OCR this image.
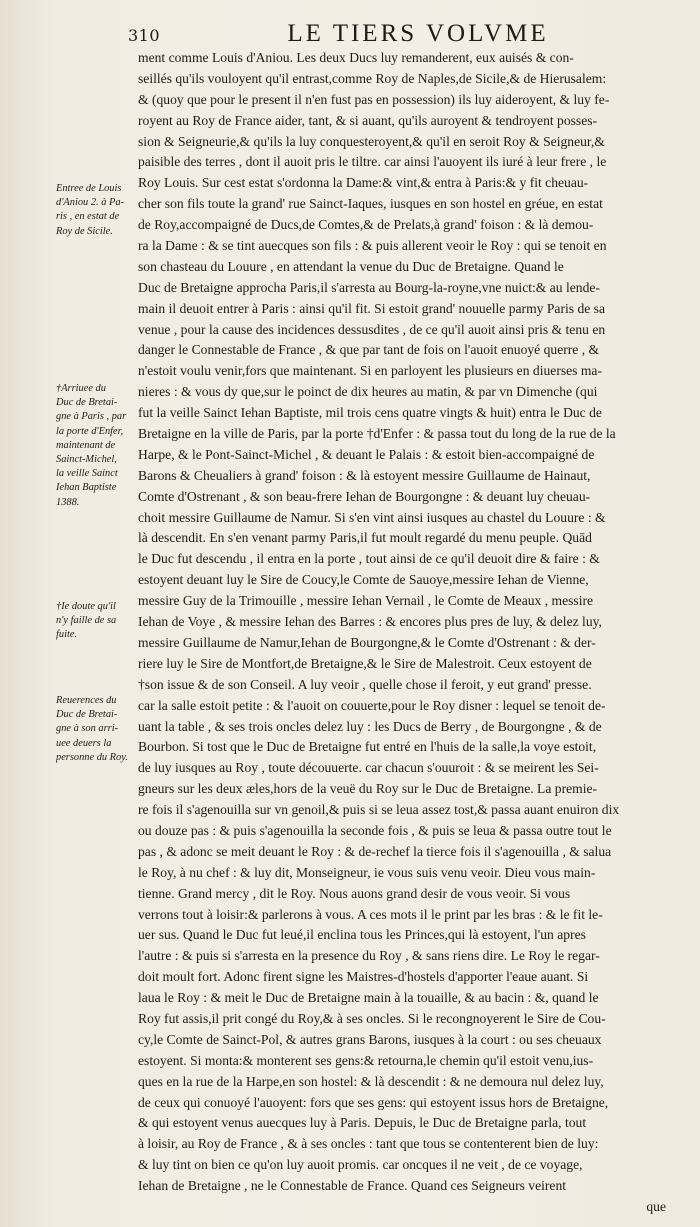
310	LE TIERS VOLVME
ment comme Louis d'Aniou. Les deux Ducs luy remanderent, eux auisés & con-
seillés qu'ils vouloyent qu'il entrast,comme Roy de Naples,de Sicile,& de Hierusalem:
& (quoy que pour le present il n'en fust pas en possession) ils luy aideroyent, & luy fe-
royent au Roy de France aider, tant, & si auant, qu'ils auroyent & tendroyent posses-
sion & Seigneurie,& qu'ils la luy conquesteroyent,& qu'il en seroit Roy & Seigneur,&
paisible des terres , dont il auoit pris le tiltre. car ainsi l'auoyent ils iuré à leur frere , le
Roy Louis. Sur cest estat s'ordonna la Dame:& vint,& entra à Paris:& y fit cheuau-
cher son fils toute la grand' rue Sainct-Iaques, iusques en son hostel en gréue, en estat
de Roy,accompaigné de Ducs,de Comtes,& de Prelats,à grand' foison : & là demou-
ra la Dame : & se tint auecques son fils : & puis allerent veoir le Roy : qui se tenoit en
son chasteau du Louure , en attendant la venue du Duc de Bretaigne. Quand le
Duc de Bretaigne approcha Paris,il s'arresta au Bourg-la-royne,vne nuict:& au lende-
main il deuoit entrer à Paris : ainsi qu'il fit. Si estoit grand' nouuelle parmy Paris de sa
venue , pour la cause des incidences dessusdites , de ce qu'il auoit ainsi pris & tenu en
danger le Connestable de France , & que par tant de fois on l'auoit enuoyé querre , &
n'estoit voulu venir,fors que maintenant. Si en parloyent les plusieurs en diuerses ma-
nieres : & vous dy que,sur le poinct de dix heures au matin, & par vn Dimenche (qui
fut la veille Sainct Iehan Baptiste, mil trois cens quatre vingts & huit) entra le Duc de
Bretaigne en la ville de Paris, par la porte †d'Enfer : & passa tout du long de la rue de la
Harpe, & le Pont-Sainct-Michel , & deuant le Palais : & estoit bien-accompaigné de
Barons & Cheualiers à grand' foison : & là estoyent messire Guillaume de Hainaut,
Comte d'Ostrenant , & son beau-frere Iehan de Bourgongne : & deuant luy cheuau-
choit messire Guillaume de Namur. Si s'en vint ainsi iusques au chastel du Louure : &
là descendit. En s'en venant parmy Paris,il fut moult regardé du menu peuple. Quād
le Duc fut descendu , il entra en la porte , tout ainsi de ce qu'il deuoit dire & faire : &
estoyent deuant luy le Sire de Coucy,le Comte de Sauoye,messire Iehan de Vienne,
messire Guy de la Trimouille , messire Iehan Vernail , le Comte de Meaux , messire
Iehan de Voye , & messire Iehan des Barres : & encores plus pres de luy, & delez luy,
messire Guillaume de Namur,Iehan de Bourgongne,& le Comte d'Ostrenant : & der-
riere luy le Sire de Montfort,de Bretaigne,& le Sire de Malestroit. Ceux estoyent de
†son issue & de son Conseil. A luy veoir , quelle chose il feroit, y eut grand' presse.
car la salle estoit petite : & l'auoit on couuerte,pour le Roy disner : lequel se tenoit de-
uant la table , & ses trois oncles delez luy : les Ducs de Berry , de Bourgongne , & de
Bourbon. Si tost que le Duc de Bretaigne fut entré en l'huis de la salle,la voye estoit,
de luy iusques au Roy , toute découuerte. car chacun s'ouuroit : & se meirent les Sei-
gneurs sur les deux æles,hors de la veuë du Roy sur le Duc de Bretaigne. La premie-
re fois il s'agenouilla sur vn genoil,& puis si se leua assez tost,& passa auant enuiron dix
ou douze pas : & puis s'agenouilla la seconde fois , & puis se leua & passa outre tout le
pas , & adonc se meit deuant le Roy : & de-rechef la tierce fois il s'agenouilla , & salua
le Roy, à nu chef : & luy dit, Monseigneur, ie vous suis venu veoir. Dieu vous main-
tienne. Grand mercy , dit le Roy. Nous auons grand desir de vous veoir. Si vous
verrons tout à loisir:& parlerons à vous. A ces mots il le print par les bras : & le fit le-
uer sus. Quand le Duc fut leué,il enclina tous les Princes,qui là estoyent, l'un apres
l'autre : & puis si s'arresta en la presence du Roy , & sans riens dire. Le Roy le regar-
doit moult fort. Adonc firent signe les Maistres-d'hostels d'apporter l'eaue auant. Si
laua le Roy : & meit le Duc de Bretaigne main à la touaille, & au bacin : &, quand le
Roy fut assis,il prit congé du Roy,& à ses oncles. Si le recongnoyerent le Sire de Cou-
cy,le Comte de Sainct-Pol, & autres grans Barons, iusques à la court : ou ses cheuaux
estoyent. Si monta:& monterent ses gens:& retourna,le chemin qu'il estoit venu,ius-
ques en la rue de la Harpe,en son hostel: & là descendit : & ne demoura nul delez luy,
de ceux qui conuoyé l'auoyent: fors que ses gens: qui estoyent issus hors de Bretaigne,
& qui estoyent venus auecques luy à Paris. Depuis, le Duc de Bretaigne parla, tout
à loisir, au Roy de France , & à ses oncles : tant que tous se contenterent bien de luy:
& luy tint on bien ce qu'on luy auoit promis. car oncques il ne veit , de ce voyage,
Iehan de Bretaigne , ne le Connestable de France. Quand ces Seigneurs veirent
que
Entree de Louis
d'Aniou 2. à Pa-
ris , en estat de
Roy de Sicile.
†Arriuee du
Duc de Bretai-
gne à Paris , par
la porte d'Enfer,
maintenant de
Sainct-Michel,
la veille Sainct
Iehan Baptiste
1388.
†Ie doute qu'il
n'y faille de sa
fuite.
Reuerences du
Duc de Bretai-
gne à son arri-
uee deuers la
personne du Roy.
